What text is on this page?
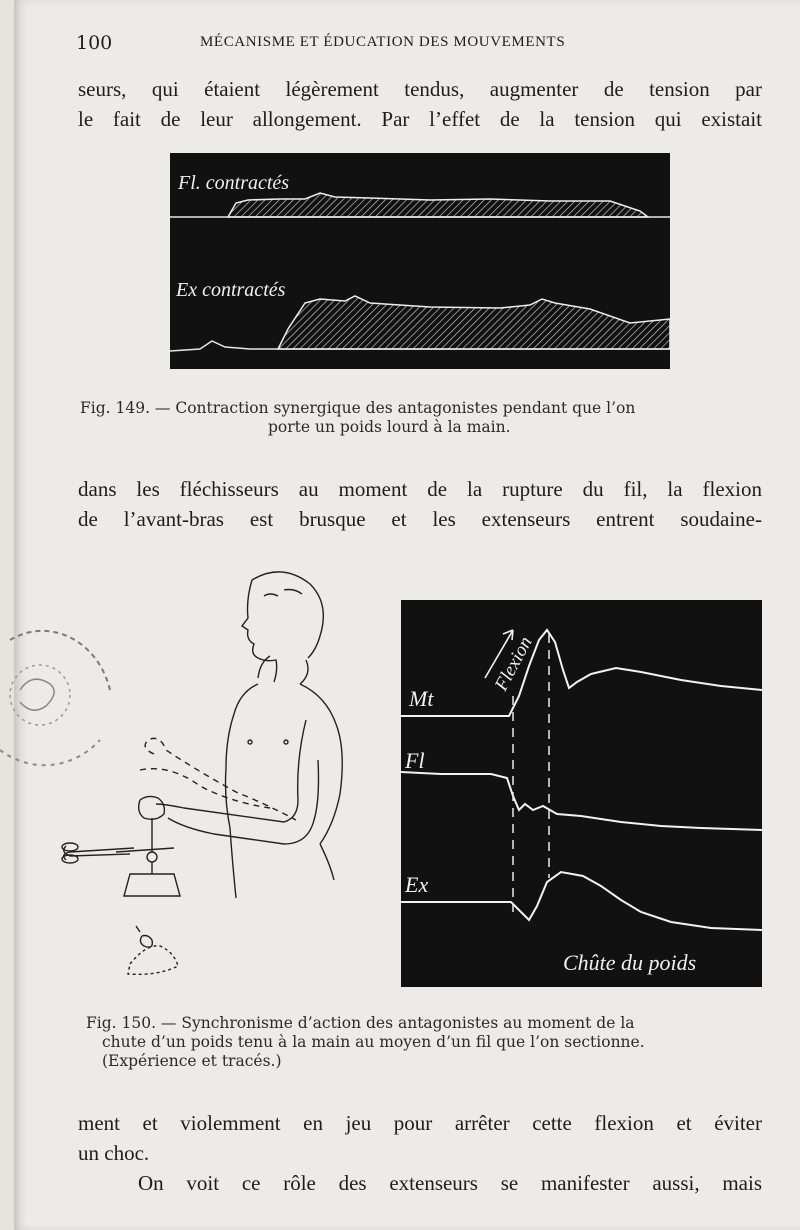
100	MÉCANISME ET ÉDUCATION DES MOUVEMENTS

seurs, qui étaient légèrement tendus, augmenter de tension par
le fait de leur allongement. Par l’effet de la tension qui existait

Fl. contractés
Ex contractés

Fig. 149. — Contraction synergique des antagonistes pendant que l’on
porte un poids lourd à la main.

dans les fléchisseurs au moment de la rupture du fil, la flexion
de l’avant-bras est brusque et les extenseurs entrent soudaine-

Flexion
Mt
Fl
Ex
Chûte du poids

Fig. 150. — Synchronisme d’action des antagonistes au moment de la
chute d’un poids tenu à la main au moyen d’un fil que l’on sectionne.
(Expérience et tracés.)

ment et violemment en jeu pour arrêter cette flexion et éviter
un choc.
On voit ce rôle des extenseurs se manifester aussi, mais
